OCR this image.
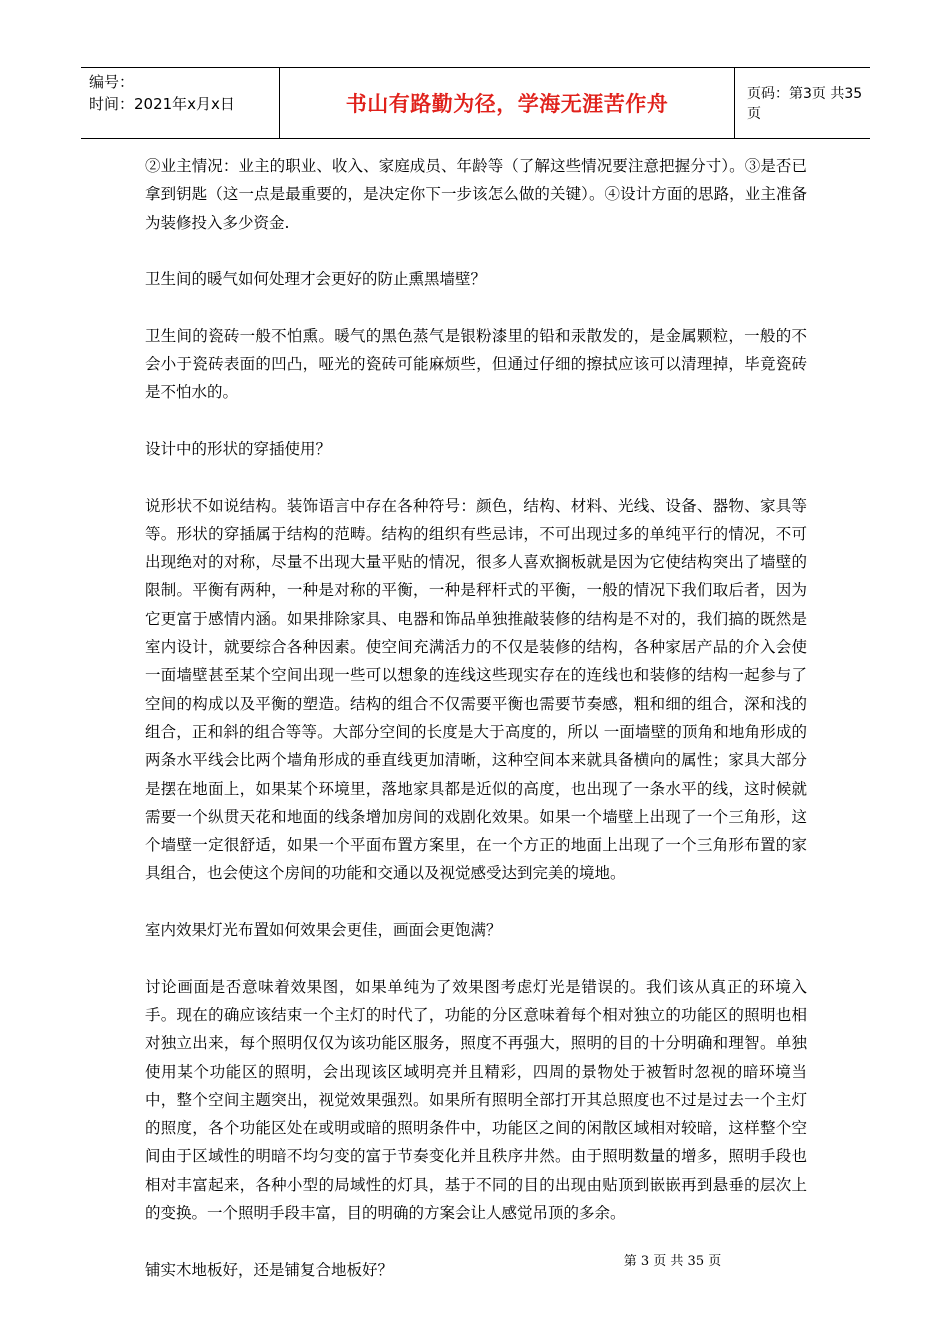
编号：
时间：2021年x月x日	书山有路勤为径，学海无涯苦作舟	页码：第3页 共35页

②业主情况：业主的职业、收入、家庭成员、年龄等（了解这些情况要注意把握分寸）。③是否已拿到钥匙（这一点是最重要的，是决定你下一步该怎么做的关键）。④设计方面的思路，业主准备为装修投入多少资金.

卫生间的暖气如何处理才会更好的防止熏黑墙壁？

卫生间的瓷砖一般不怕熏。暖气的黑色蒸气是银粉漆里的铅和汞散发的，是金属颗粒，一般的不会小于瓷砖表面的凹凸，哑光的瓷砖可能麻烦些，但通过仔细的擦拭应该可以清理掉，毕竟瓷砖是不怕水的。

设计中的形状的穿插使用？

说形状不如说结构。装饰语言中存在各种符号：颜色，结构、材料、光线、设备、器物、家具等等。形状的穿插属于结构的范畴。结构的组织有些忌讳，不可出现过多的单纯平行的情况，不可出现绝对的对称，尽量不出现大量平贴的情况，很多人喜欢搁板就是因为它使结构突出了墙壁的限制。平衡有两种，一种是对称的平衡，一种是秤杆式的平衡，一般的情况下我们取后者，因为它更富于感情内涵。如果排除家具、电器和饰品单独推敲装修的结构是不对的，我们搞的既然是室内设计，就要综合各种因素。使空间充满活力的不仅是装修的结构，各种家居产品的介入会使一面墙壁甚至某个空间出现一些可以想象的连线这些现实存在的连线也和装修的结构一起参与了空间的构成以及平衡的塑造。结构的组合不仅需要平衡也需要节奏感，粗和细的组合，深和浅的组合，正和斜的组合等等。大部分空间的长度是大于高度的，所以 一面墙壁的顶角和地角形成的两条水平线会比两个墙角形成的垂直线更加清晰，这种空间本来就具备横向的属性；家具大部分是摆在地面上，如果某个环境里，落地家具都是近似的高度，也出现了一条水平的线，这时候就需要一个纵贯天花和地面的线条增加房间的戏剧化效果。如果一个墙壁上出现了一个三角形，这个墙壁一定很舒适，如果一个平面布置方案里，在一个方正的地面上出现了一个三角形布置的家具组合，也会使这个房间的功能和交通以及视觉感受达到完美的境地。

室内效果灯光布置如何效果会更佳，画面会更饱满？

讨论画面是否意味着效果图，如果单纯为了效果图考虑灯光是错误的。我们该从真正的环境入手。现在的确应该结束一个主灯的时代了，功能的分区意味着每个相对独立的功能区的照明也相对独立出来，每个照明仅仅为该功能区服务，照度不再强大，照明的目的十分明确和理智。单独使用某个功能区的照明，会出现该区域明亮并且精彩，四周的景物处于被暂时忽视的暗环境当中，整个空间主题突出，视觉效果强烈。如果所有照明全部打开其总照度也不过是过去一个主灯的照度，各个功能区处在或明或暗的照明条件中，功能区之间的闲散区域相对较暗，这样整个空间由于区域性的明暗不均匀变的富于节奏变化并且秩序井然。由于照明数量的增多，照明手段也相对丰富起来，各种小型的局域性的灯具，基于不同的目的出现由贴顶到嵌嵌再到悬垂的层次上的变换。一个照明手段丰富，目的明确的方案会让人感觉吊顶的多余。

铺实木地板好，还是铺复合地板好？	第 3 页 共 35 页
